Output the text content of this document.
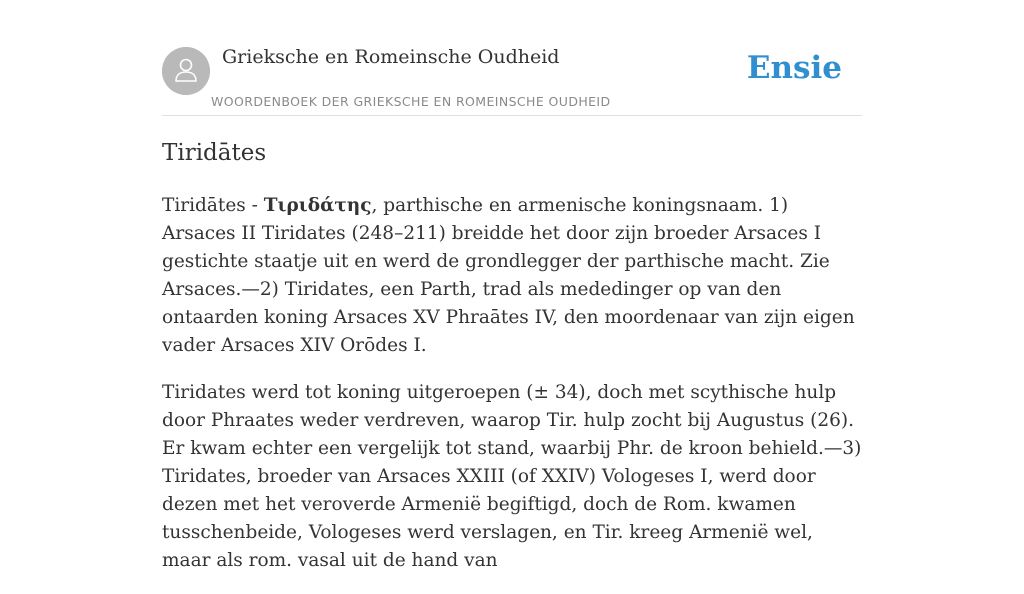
Grieksche en Romeinsche Oudheid
WOORDENBOEK DER GRIEKSCHE EN ROMEINSCHE OUDHEID
Ensie
Tiridātes

Tiridātes - Τιριδάτης, parthische en armenische koningsnaam. 1) Arsaces II Tiridates (248–211) breidde het door zijn broeder Arsaces I gestichte staatje uit en werd de grondlegger der parthische macht. Zie Arsaces.—2) Tiridates, een Parth, trad als mededinger op van den ontaarden koning Arsaces XV Phraātes IV, den moordenaar van zijn eigen vader Arsaces XIV Orōdes I.

Tiridates werd tot koning uitgeroepen (± 34), doch met scythische hulp door Phraates weder verdreven, waarop Tir. hulp zocht bij Augustus (26). Er kwam echter een vergelijk tot stand, waarbij Phr. de kroon behield.—3) Tiridates, broeder van Arsaces XXIII (of XXIV) Vologeses I, werd door dezen met het veroverde Armenië begiftigd, doch de Rom. kwamen tusschenbeide, Vologeses werd verslagen, en Tir. kreeg Armenië wel, maar als rom. vasal uit de hand van
